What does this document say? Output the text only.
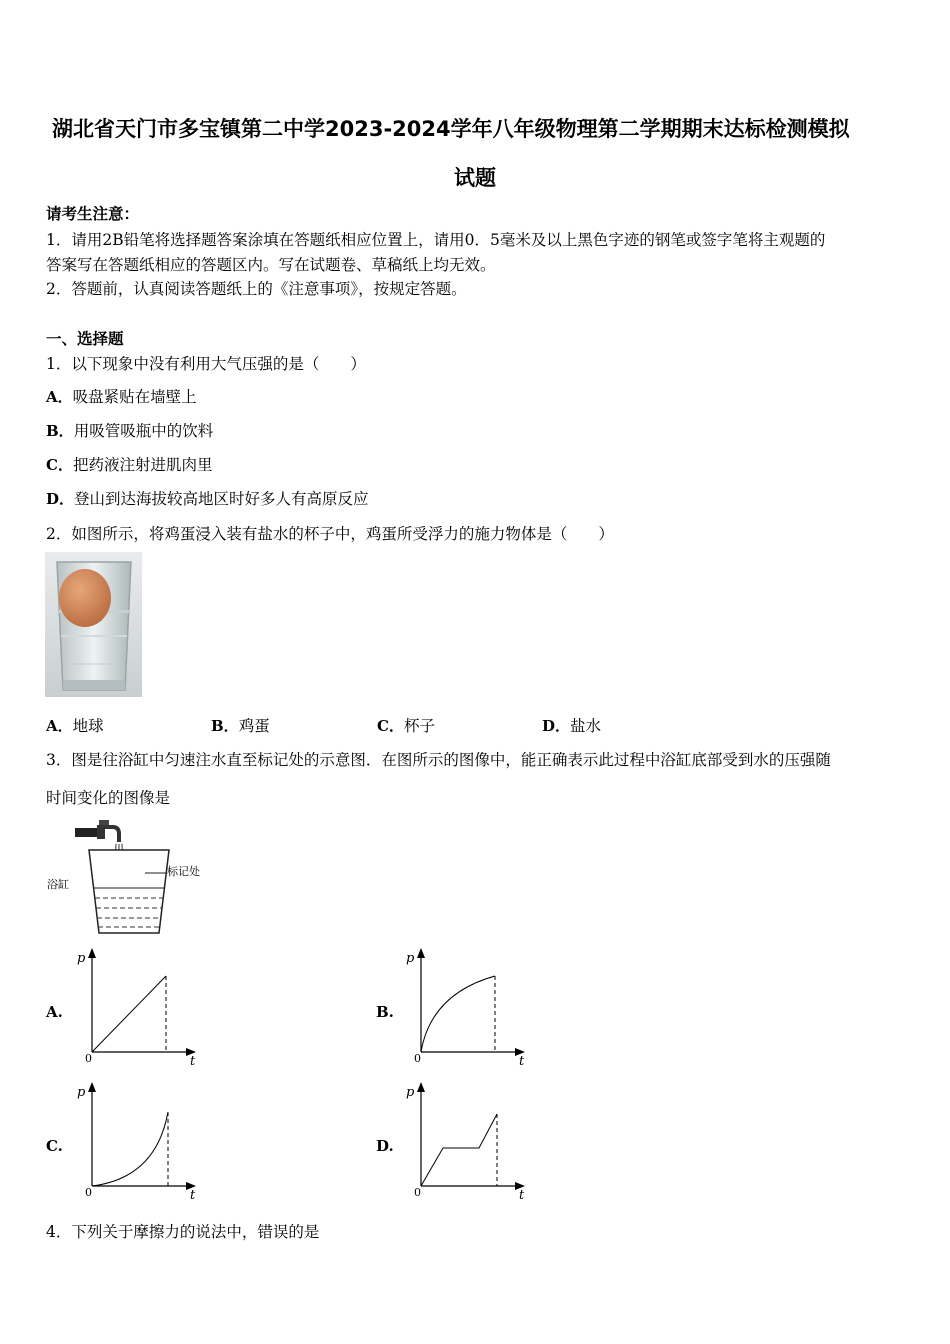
湖北省天门市多宝镇第二中学2023-2024学年八年级物理第二学期期末达标检测模拟
试题
请考生注意：
1．请用2B铅笔将选择题答案涂填在答题纸相应位置上，请用0．5毫米及以上黑色字迹的钢笔或签字笔将主观题的
答案写在答题纸相应的答题区内。写在试题卷、草稿纸上均无效。
2．答题前，认真阅读答题纸上的《注意事项》，按规定答题。
一、选择题
1．以下现象中没有利用大气压强的是（　　）
A．吸盘紧贴在墙壁上
B．用吸管吸瓶中的饮料
C．把药液注射进肌肉里
D．登山到达海拔较高地区时好多人有高原反应
2．如图所示，将鸡蛋浸入装有盐水的杯子中，鸡蛋所受浮力的施力物体是（　　）
A．地球	B．鸡蛋	C．杯子	D．盐水
3．图是往浴缸中匀速注水直至标记处的示意图．在图所示的图像中，能正确表示此过程中浴缸底部受到水的压强随
时间变化的图像是
标记处
浴缸
A.
p
t
0
B.
p
t
0
C.
p
t
0
D.
p
t
0
4．下列关于摩擦力的说法中，错误的是
